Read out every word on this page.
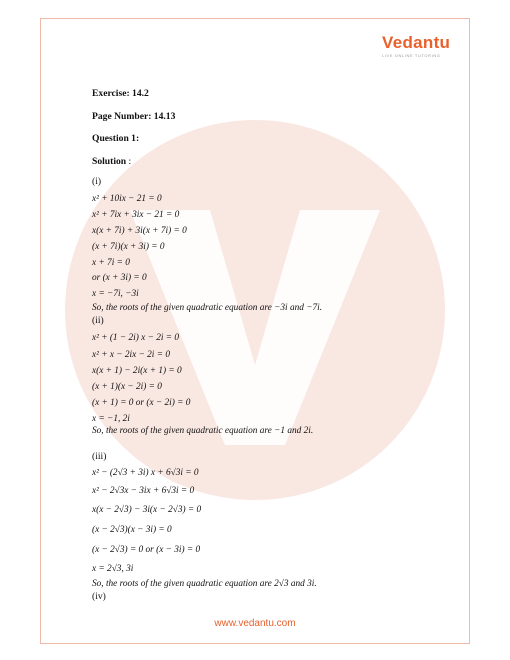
Vedantu
LIVE ONLINE TUTORING
Exercise: 14.2
Page Number: 14.13
Question 1:
Solution :
(i)
x² + 10ix − 21 = 0
x² + 7ix + 3ix − 21 = 0
x(x + 7i) + 3i(x + 7i) = 0
(x + 7i)(x + 3i) = 0
x + 7i = 0
or (x + 3i) = 0
x = −7i, −3i
So, the roots of the given quadratic equation are −3i and −7i.
(ii)
x² + (1 − 2i) x − 2i = 0
x² + x − 2ix − 2i = 0
x(x + 1) − 2i(x + 1) = 0
(x + 1)(x − 2i) = 0
(x + 1) = 0 or (x − 2i) = 0
x = −1, 2i
So, the roots of the given quadratic equation are −1 and 2i.
(iii)
x² − (2√3 + 3i) x + 6√3i = 0
x² − 2√3x − 3ix + 6√3i = 0
x(x − 2√3) − 3i(x − 2√3) = 0
(x − 2√3)(x − 3i) = 0
(x − 2√3) = 0 or (x − 3i) = 0
x = 2√3, 3i
So, the roots of the given quadratic equation are 2√3 and 3i.
(iv)
www.vedantu.com
